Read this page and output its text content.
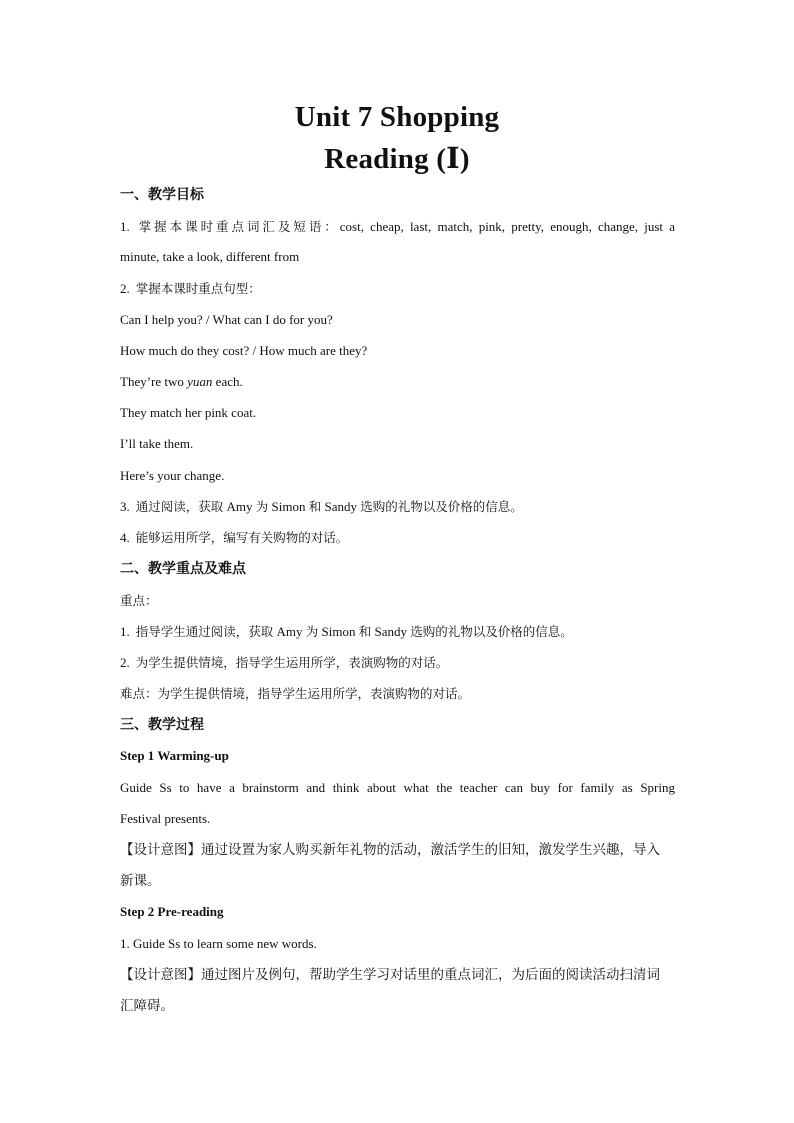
Unit 7 Shopping
Reading (Ⅰ)
一、教学目标
1. 掌握本课时重点词汇及短语：cost, cheap, last, match, pink, pretty, enough, change, just a
minute, take a look, different from
2. 掌握本课时重点句型：
Can I help you? / What can I do for you?
How much do they cost? / How much are they?
They’re two yuan each.
They match her pink coat.
I’ll take them.
Here’s your change.
3. 通过阅读，获取 Amy 为 Simon 和 Sandy 选购的礼物以及价格的信息。
4. 能够运用所学，编写有关购物的对话。
二、教学重点及难点
重点：
1. 指导学生通过阅读，获取 Amy 为 Simon 和 Sandy 选购的礼物以及价格的信息。
2. 为学生提供情境，指导学生运用所学，表演购物的对话。
难点：为学生提供情境，指导学生运用所学，表演购物的对话。
三、教学过程
Step 1 Warming-up
Guide Ss to have a brainstorm and think about what the teacher can buy for family as Spring
Festival presents.
【设计意图】通过设置为家人购买新年礼物的活动，激活学生的旧知，激发学生兴趣，导入
新课。
Step 2 Pre-reading
1. Guide Ss to learn some new words.
【设计意图】通过图片及例句，帮助学生学习对话里的重点词汇，为后面的阅读活动扫清词
汇障碍。
